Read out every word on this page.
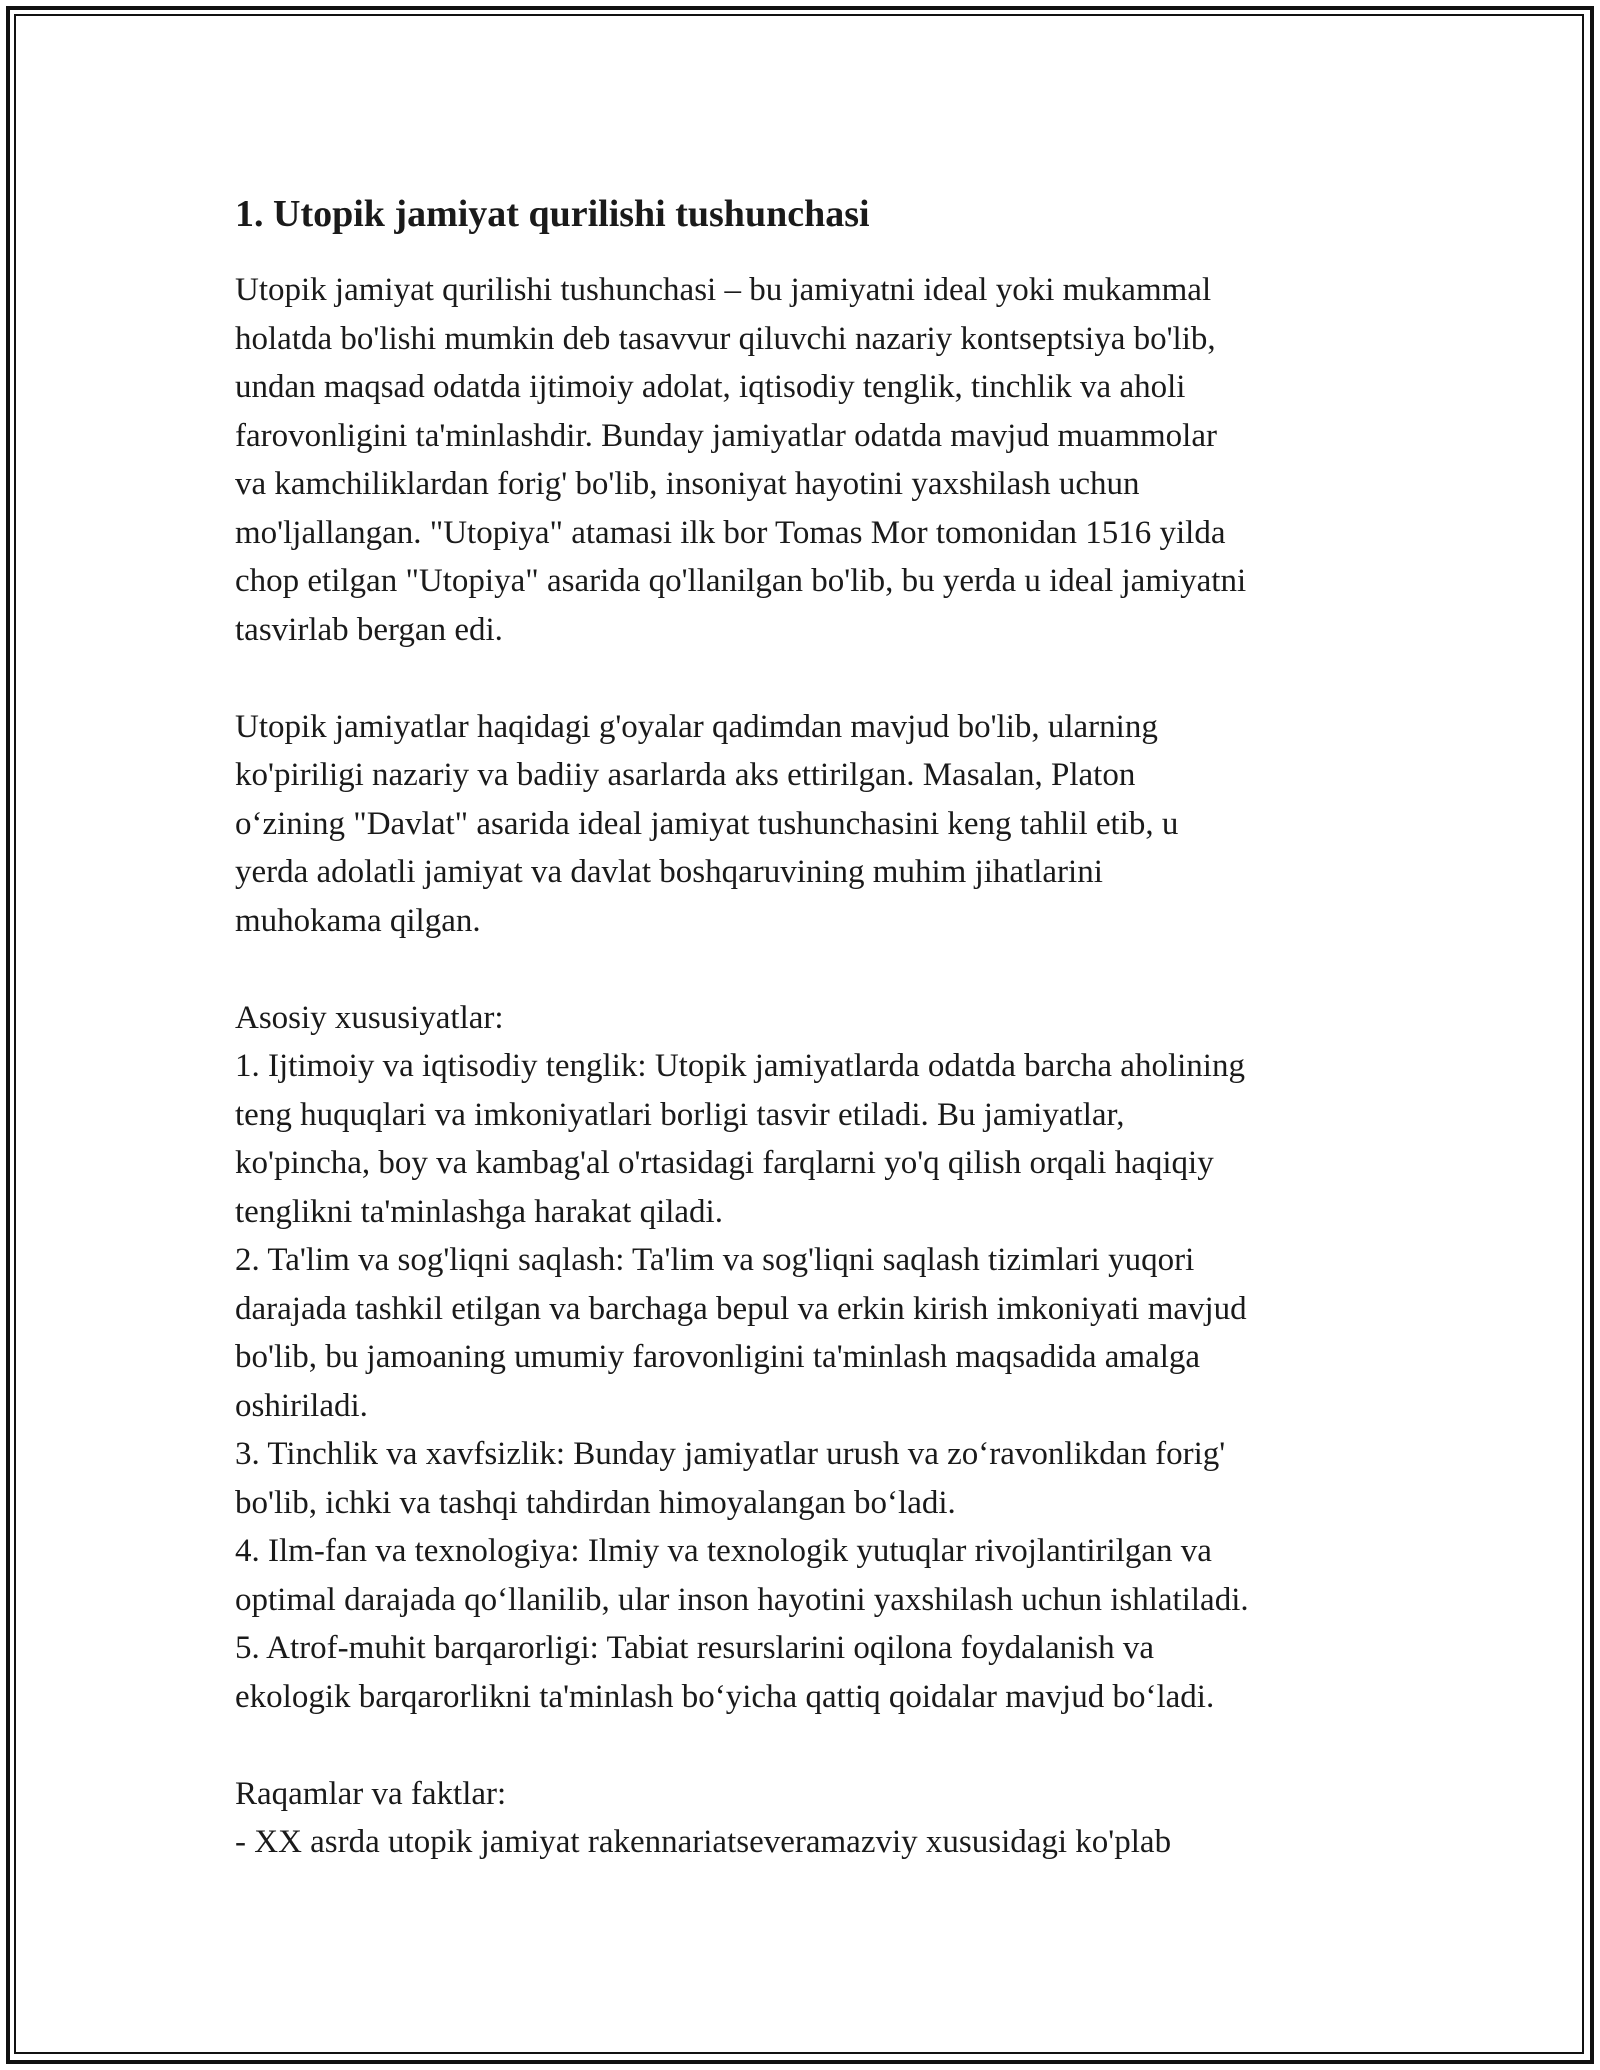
1. Utopik jamiyat qurilishi tushunchasi

Utopik jamiyat qurilishi tushunchasi – bu jamiyatni ideal yoki mukammal
holatda bo'lishi mumkin deb tasavvur qiluvchi nazariy kontseptsiya bo'lib,
undan maqsad odatda ijtimoiy adolat, iqtisodiy tenglik, tinchlik va aholi
farovonligini ta'minlashdir. Bunday jamiyatlar odatda mavjud muammolar
va kamchiliklardan forig' bo'lib, insoniyat hayotini yaxshilash uchun
mo'ljallangan. "Utopiya" atamasi ilk bor Tomas Mor tomonidan 1516 yilda
chop etilgan "Utopiya" asarida qo'llanilgan bo'lib, bu yerda u ideal jamiyatni
tasvirlab bergan edi.

Utopik jamiyatlar haqidagi g'oyalar qadimdan mavjud bo'lib, ularning
ko'piriligi nazariy va badiiy asarlarda aks ettirilgan. Masalan, Platon
o‘zining "Davlat" asarida ideal jamiyat tushunchasini keng tahlil etib, u
yerda adolatli jamiyat va davlat boshqaruvining muhim jihatlarini
muhokama qilgan.

Asosiy xususiyatlar:
1. Ijtimoiy va iqtisodiy tenglik: Utopik jamiyatlarda odatda barcha aholining
teng huquqlari va imkoniyatlari borligi tasvir etiladi. Bu jamiyatlar,
ko'pincha, boy va kambag'al o'rtasidagi farqlarni yo'q qilish orqali haqiqiy
tenglikni ta'minlashga harakat qiladi.
2. Ta'lim va sog'liqni saqlash: Ta'lim va sog'liqni saqlash tizimlari yuqori
darajada tashkil etilgan va barchaga bepul va erkin kirish imkoniyati mavjud
bo'lib, bu jamoaning umumiy farovonligini ta'minlash maqsadida amalga
oshiriladi.
3. Tinchlik va xavfsizlik: Bunday jamiyatlar urush va zo‘ravonlikdan forig'
bo'lib, ichki va tashqi tahdirdan himoyalangan bo‘ladi.
4. Ilm-fan va texnologiya: Ilmiy va texnologik yutuqlar rivojlantirilgan va
optimal darajada qo‘llanilib, ular inson hayotini yaxshilash uchun ishlatiladi.
5. Atrof-muhit barqarorligi: Tabiat resurslarini oqilona foydalanish va
ekologik barqarorlikni ta'minlash bo‘yicha qattiq qoidalar mavjud bo‘ladi.

Raqamlar va faktlar:
- XX asrda utopik jamiyat rakennariatseveramazviy xususidagi ko'plab
